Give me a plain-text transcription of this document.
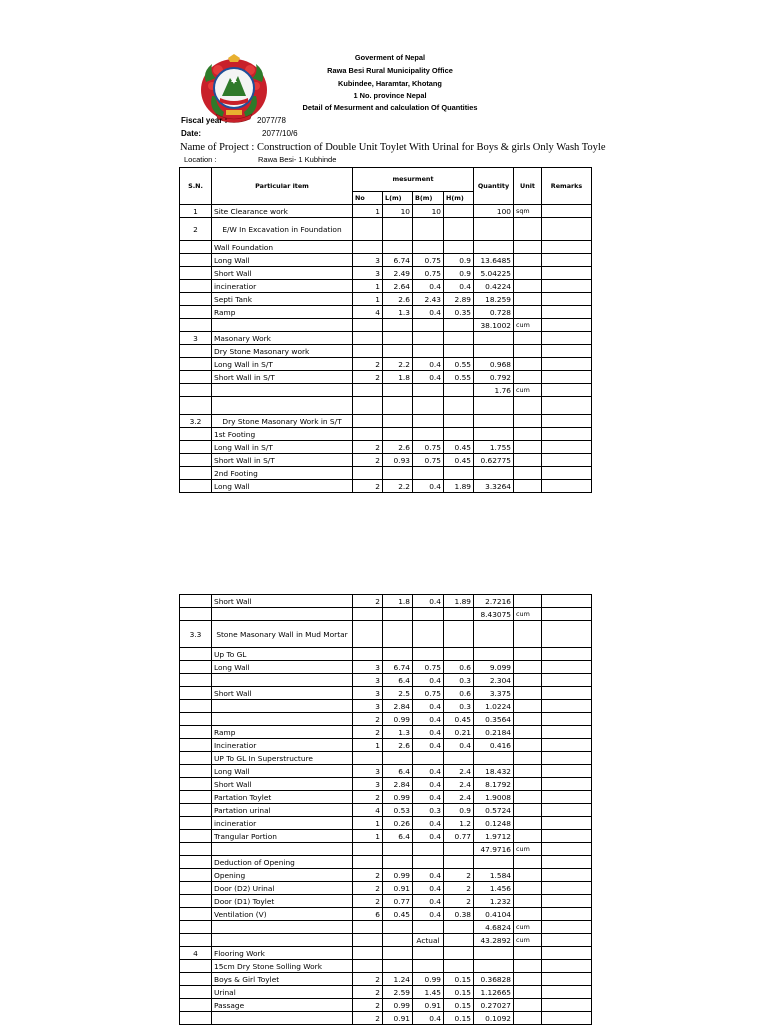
Goverment of Nepal
Rawa Besi Rural Municipality Office
Kubindee, Haramtar, Khotang
1 No. province Nepal
Detail of Mesurment and calculation Of Quantities
Fiscal year :	2077/78
Date:	2077/10/6
Name of Project : Construction of Double Unit Toylet With Urinal for Boys & girls Only Wash Toyle
Location :	Rawa Besi- 1 Kubhinde
S.N.	Particular item	mesurment				Quantity	Unit	Remarks
		No	L(m)	B(m)	H(m)			
1	Site Clearance work	1	10	10		100	sqm	
2	E/W In Excavation in Foundation							
	Wall Foundation							
	Long Wall	3	6.74	0.75	0.9	13.6485		
	Short Wall	3	2.49	0.75	0.9	5.04225		
	incineratior	1	2.64	0.4	0.4	0.4224		
	Septi Tank	1	2.6	2.43	2.89	18.259		
	Ramp	4	1.3	0.4	0.35	0.728		
						38.1002	cum	
3	Masonary Work							
	Dry Stone Masonary work							
	Long Wall in S/T	2	2.2	0.4	0.55	0.968		
	Short Wall in S/T	2	1.8	0.4	0.55	0.792		
						1.76	cum	

3.2	Dry Stone Masonary Work in S/T							
	1st Footing							
	Long Wall in S/T	2	2.6	0.75	0.45	1.755		
	Short Wall in S/T	2	0.93	0.75	0.45	0.62775		
	2nd Footing							
	Long Wall	2	2.2	0.4	1.89	3.3264		
	Short Wall	2	1.8	0.4	1.89	2.7216		
						8.43075	cum	
3.3	Stone Masonary Wall in Mud Mortar							
	Up To GL							
	Long Wall	3	6.74	0.75	0.6	9.099		
		3	6.4	0.4	0.3	2.304		
	Short Wall	3	2.5	0.75	0.6	3.375		
		3	2.84	0.4	0.3	1.0224		
		2	0.99	0.4	0.45	0.3564		
	Ramp	2	1.3	0.4	0.21	0.2184		
	Incineratior	1	2.6	0.4	0.4	0.416		
	UP To GL In Superstructure							
	Long Wall	3	6.4	0.4	2.4	18.432		
	Short Wall	3	2.84	0.4	2.4	8.1792		
	Partation Toylet	2	0.99	0.4	2.4	1.9008		
	Partation urinal	4	0.53	0.3	0.9	0.5724		
	incineratior	1	0.26	0.4	1.2	0.1248		
	Trangular Portion	1	6.4	0.4	0.77	1.9712		
						47.9716	cum	
	Deduction of Opening							
	Opening	2	0.99	0.4	2	1.584		
	Door (D2) Urinal	2	0.91	0.4	2	1.456		
	Door (D1) Toylet	2	0.77	0.4	2	1.232		
	Ventilation (V)	6	0.45	0.4	0.38	0.4104		
						4.6824	cum	
				Actual		43.2892	cum	
4	Flooring Work							
	15cm Dry Stone Solling Work							
	Boys & Girl Toylet	2	1.24	0.99	0.15	0.36828		
	Urinal	2	2.59	1.45	0.15	1.12665		
	Passage	2	0.99	0.91	0.15	0.27027		
		2	0.91	0.4	0.15	0.1092		
